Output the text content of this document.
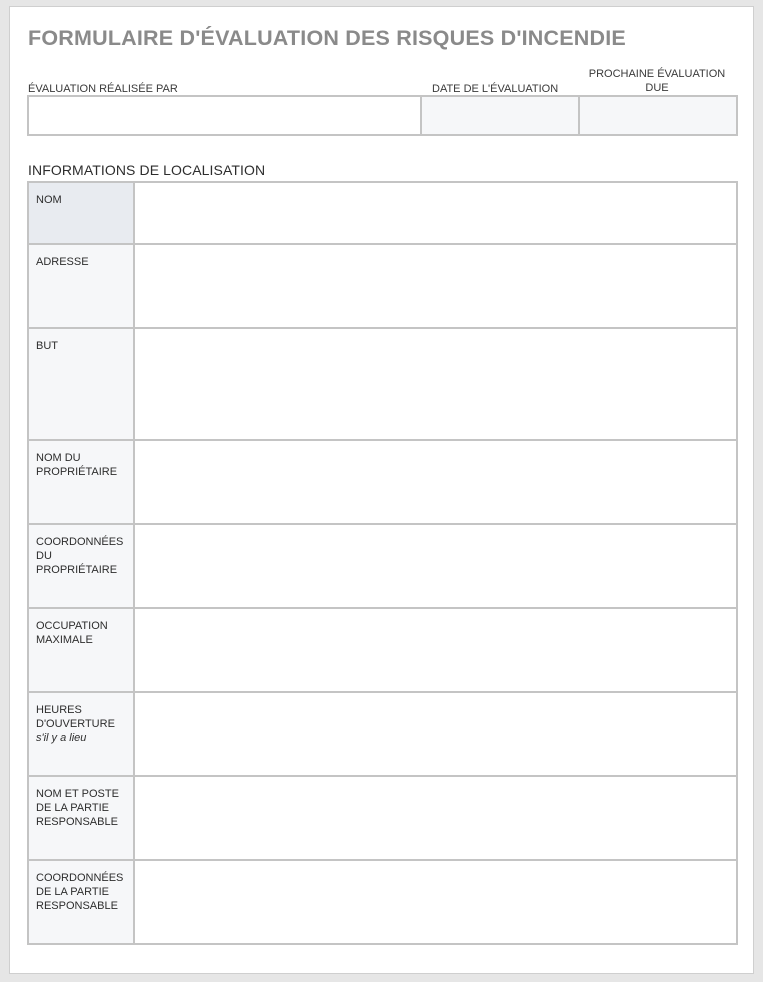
FORMULAIRE D'ÉVALUATION DES RISQUES D'INCENDIE
ÉVALUATION RÉALISÉE PAR	DATE DE L'ÉVALUATION
PROCHAINE ÉVALUATION DUE
INFORMATIONS DE LOCALISATION
NOM
ADRESSE
BUT
NOM DU PROPRIÉTAIRE
COORDONNÉES DU PROPRIÉTAIRE
OCCUPATION MAXIMALE
HEURES D'OUVERTURE
s'il y a lieu
NOM ET POSTE DE LA PARTIE RESPONSABLE
COORDONNÉES DE LA PARTIE RESPONSABLE
